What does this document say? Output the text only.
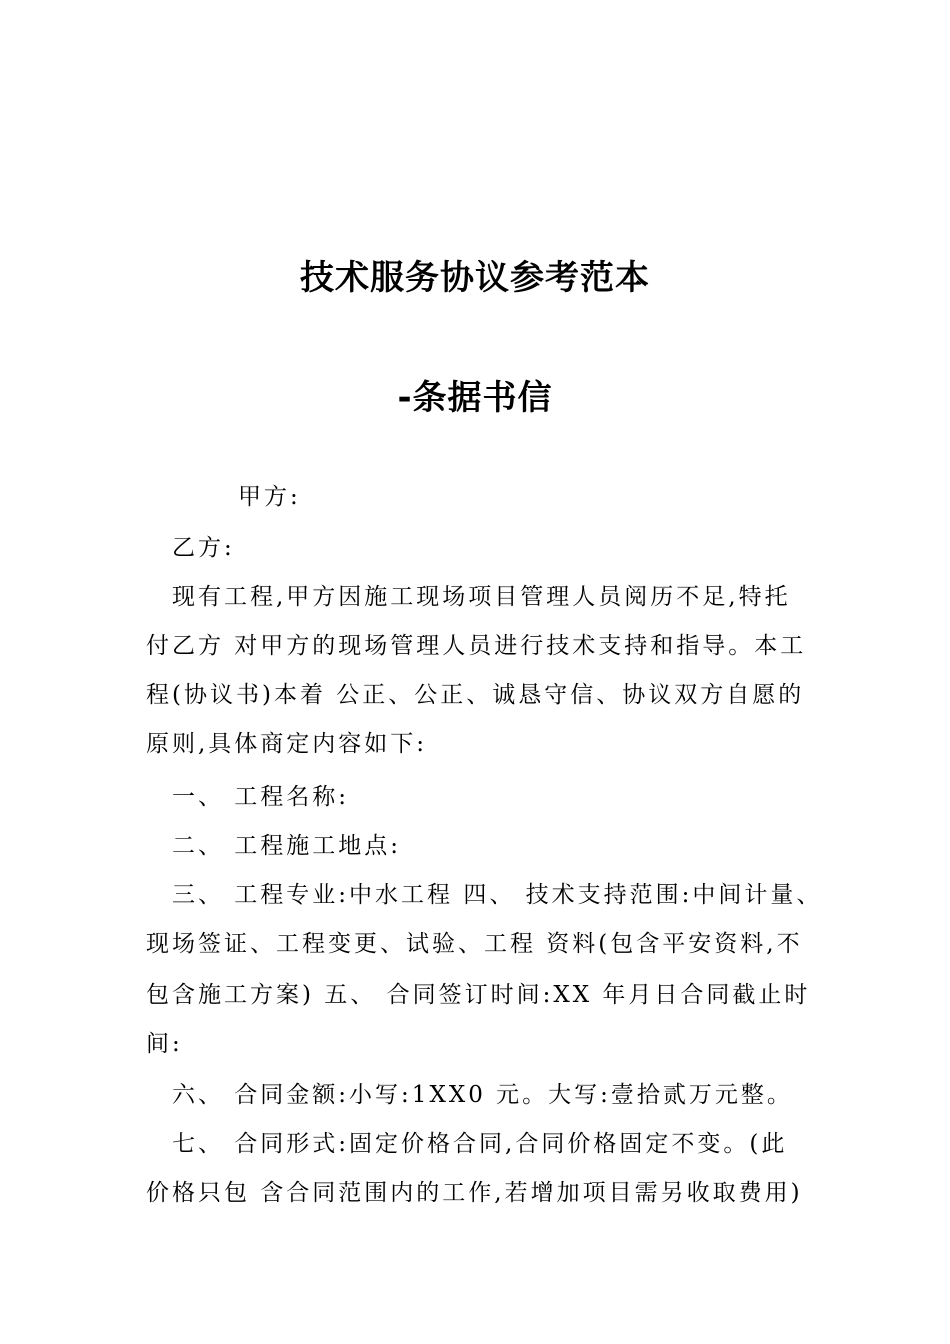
技术服务协议参考范本
-条据书信
甲方:
乙方:
现有工程,甲方因施工现场项目管理人员阅历不足,特托
付乙方 对甲方的现场管理人员进行技术支持和指导。本工
程(协议书)本着 公正、公正、诚恳守信、协议双方自愿的
原则,具体商定内容如下:
一、 工程名称:
二、 工程施工地点:
三、 工程专业:中水工程 四、 技术支持范围:中间计量、
现场签证、工程变更、试验、工程 资料(包含平安资料,不
包含施工方案) 五、 合同签订时间:XX 年月日合同截止时
间:
六、 合同金额:小写:1XX0 元。大写:壹拾贰万元整。
七、 合同形式:固定价格合同,合同价格固定不变。(此
价格只包 含合同范围内的工作,若增加项目需另收取费用)
